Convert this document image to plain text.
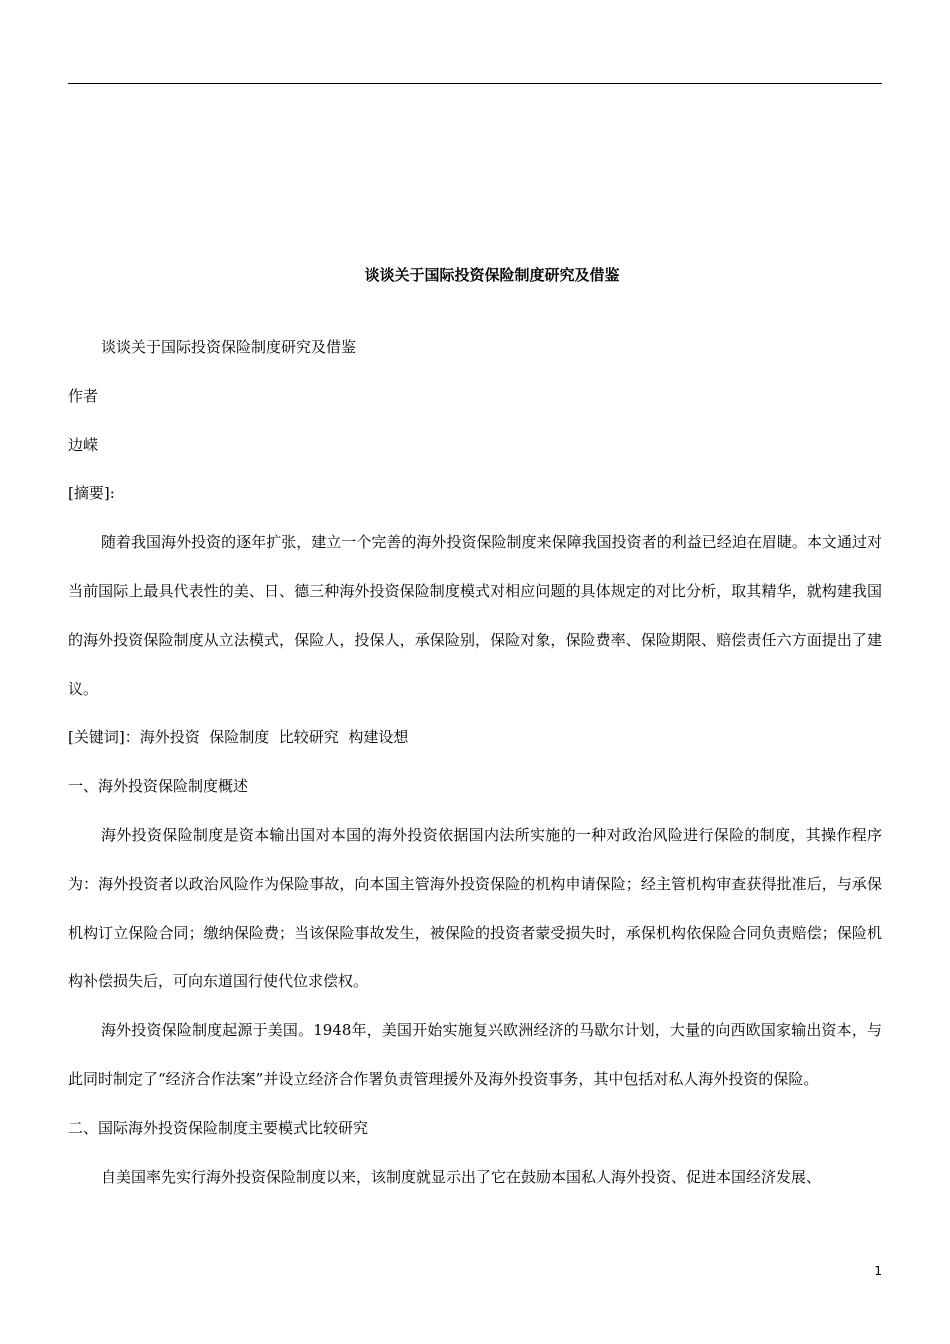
谈谈关于国际投资保险制度研究及借鉴

谈谈关于国际投资保险制度研究及借鉴

作者

边嵘

[摘要]:

随着我国海外投资的逐年扩张，建立一个完善的海外投资保险制度来保障我国投资者的利益已经迫在眉睫。本文通过对当前国际上最具代表性的美、日、德三种海外投资保险制度模式对相应问题的具体规定的对比分析，取其精华，就构建我国的海外投资保险制度从立法模式，保险人，投保人，承保险别，保险对象，保险费率、保险期限、赔偿责任六方面提出了建议。

[关键词]：海外投资  保险制度  比较研究  构建设想

一、海外投资保险制度概述

海外投资保险制度是资本输出国对本国的海外投资依据国内法所实施的一种对政治风险进行保险的制度，其操作程序为：海外投资者以政治风险作为保险事故，向本国主管海外投资保险的机构申请保险；经主管机构审查获得批准后，与承保机构订立保险合同；缴纳保险费；当该保险事故发生，被保险的投资者蒙受损失时，承保机构依保险合同负责赔偿；保险机构补偿损失后，可向东道国行使代位求偿权。

海外投资保险制度起源于美国。1948年，美国开始实施复兴欧洲经济的马歇尔计划，大量的向西欧国家输出资本，与此同时制定了“经济合作法案”并设立经济合作署负责管理援外及海外投资事务，其中包括对私人海外投资的保险。

二、国际海外投资保险制度主要模式比较研究

自美国率先实行海外投资保险制度以来，该制度就显示出了它在鼓励本国私人海外投资、促进本国经济发展、

1
